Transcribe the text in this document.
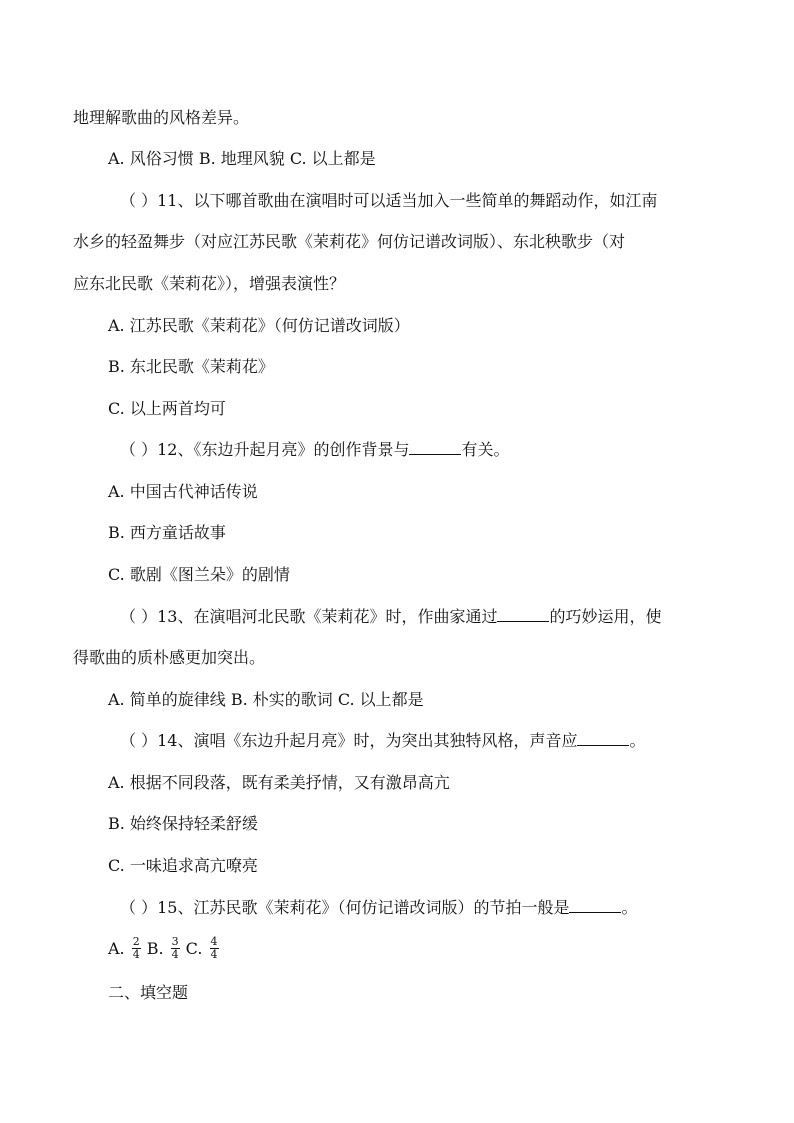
地理解歌曲的风格差异。
A. 风俗习惯 B. 地理风貌 C. 以上都是
（ ）11、以下哪首歌曲在演唱时可以适当加入一些简单的舞蹈动作，如江南
水乡的轻盈舞步（对应江苏民歌《茉莉花》何仿记谱改词版）、东北秧歌步（对
应东北民歌《茉莉花》），增强表演性？
A. 江苏民歌《茉莉花》（何仿记谱改词版）
B. 东北民歌《茉莉花》
C. 以上两首均可
（ ）12、《东边升起月亮》的创作背景与	有关。
A. 中国古代神话传说
B. 西方童话故事
C. 歌剧《图兰朵》的剧情
（ ）13、在演唱河北民歌《茉莉花》时，作曲家通过	的巧妙运用，使
得歌曲的质朴感更加突出。
A. 简单的旋律线 B. 朴实的歌词 C. 以上都是
（ ）14、演唱《东边升起月亮》时，为突出其独特风格，声音应	。
A. 根据不同段落，既有柔美抒情，又有激昂高亢
B. 始终保持轻柔舒缓
C. 一味追求高亢嘹亮
（ ）15、江苏民歌《茉莉花》（何仿记谱改词版）的节拍一般是	。
A. $\frac{2}{4} B$. $\frac{3}{4} C$. $\frac{4}{4}$
二、填空题
